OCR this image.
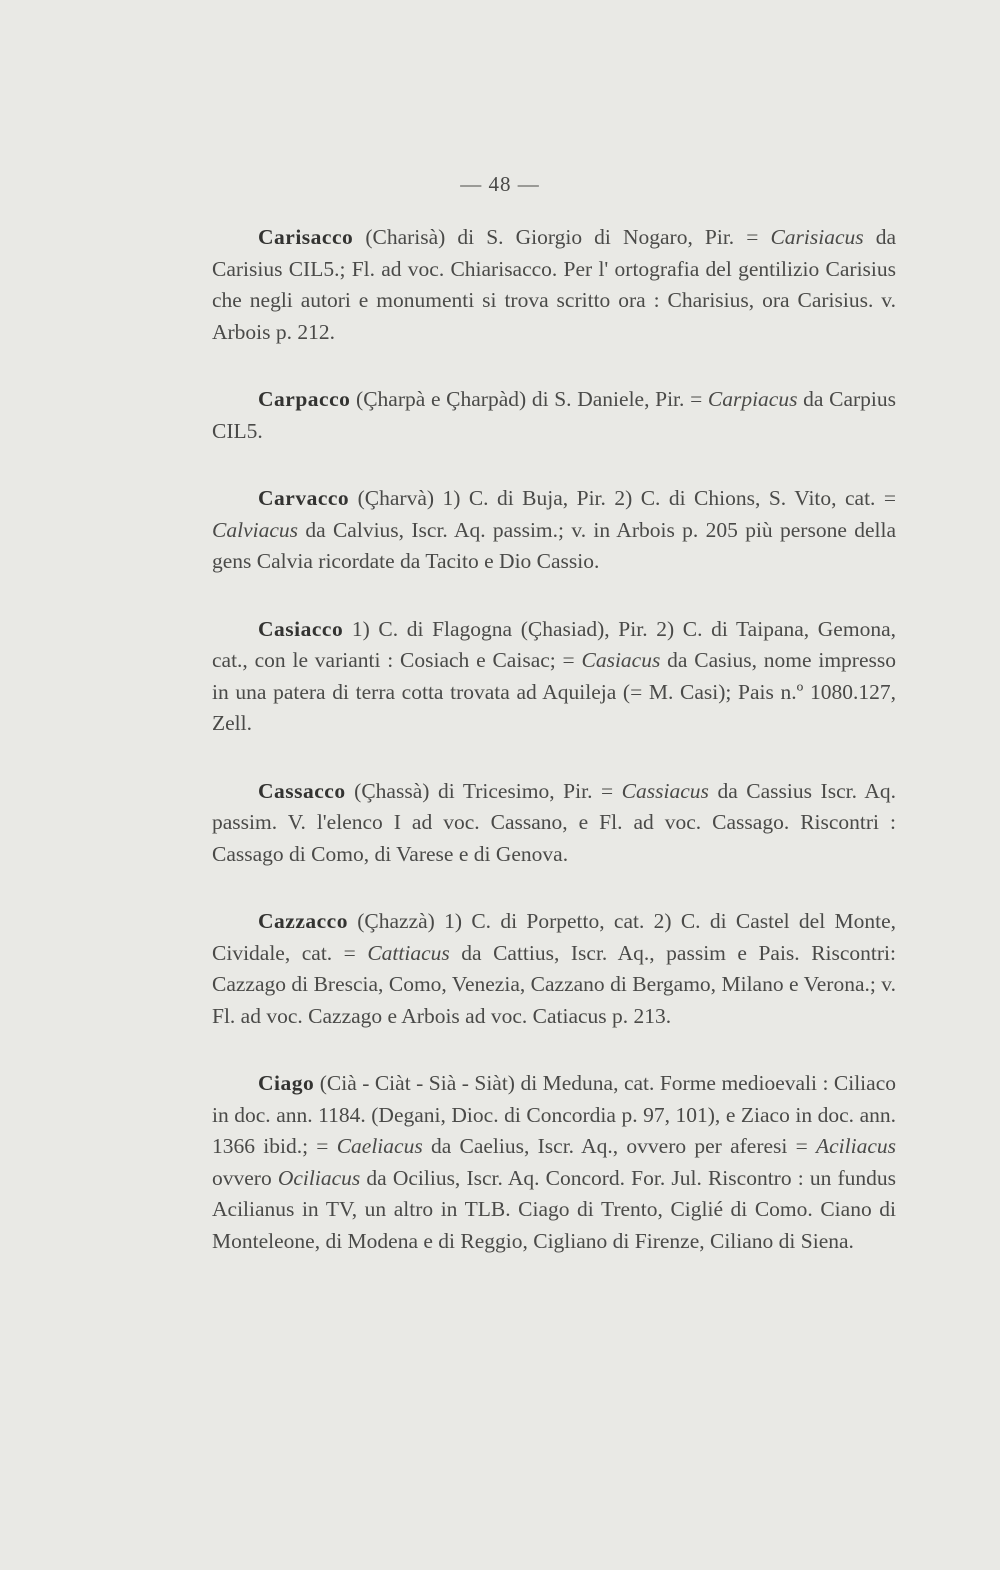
— 48 —

Carisacco (Charisà) di S. Giorgio di Nogaro, Pir. = Carisiacus da Carisius CIL5.; Fl. ad voc. Chiarisacco. Per l' ortografia del gentilizio Carisius che negli autori e monumenti si trova scritto ora : Charisius, ora Carisius. v. Arbois p. 212.

Carpacco (Çharpà e Çharpàd) di S. Daniele, Pir. = Carpiacus da Carpius CIL5.

Carvacco (Çharvà) 1) C. di Buja, Pir. 2) C. di Chions, S. Vito, cat. = Calviacus da Calvius, Iscr. Aq. passim.; v. in Arbois p. 205 più persone della gens Calvia ricordate da Tacito e Dio Cassio.

Casiacco 1) C. di Flagogna (Çhasiad), Pir. 2) C. di Taipana, Gemona, cat., con le varianti : Cosiach e Caisac; = Casiacus da Casius, nome impresso in una patera di terra cotta trovata ad Aquileja (= M. Casi); Pais n.º 1080.127, Zell.

Cassacco (Çhassà) di Tricesimo, Pir. = Cassiacus da Cassius Iscr. Aq. passim. V. l'elenco I ad voc. Cassano, e Fl. ad voc. Cassago. Riscontri : Cassago di Como, di Varese e di Genova.

Cazzacco (Çhazzà) 1) C. di Porpetto, cat. 2) C. di Castel del Monte, Cividale, cat. = Cattiacus da Cattius, Iscr. Aq., passim e Pais. Riscontri: Cazzago di Brescia, Como, Venezia, Cazzano di Bergamo, Milano e Verona.; v. Fl. ad voc. Cazzago e Arbois ad voc. Catiacus p. 213.

Ciago (Cià - Ciàt - Sià - Siàt) di Meduna, cat. Forme medioevali : Ciliaco in doc. ann. 1184. (Degani, Dioc. di Concordia p. 97, 101), e Ziaco in doc. ann. 1366 ibid.; = Caeliacus da Caelius, Iscr. Aq., ovvero per aferesi = Aciliacus ovvero Ociliacus da Ocilius, Iscr. Aq. Concord. For. Jul. Riscontro : un fundus Acilianus in TV, un altro in TLB. Ciago di Trento, Ciglié di Como. Ciano di Monteleone, di Modena e di Reggio, Cigliano di Firenze, Ciliano di Siena.
